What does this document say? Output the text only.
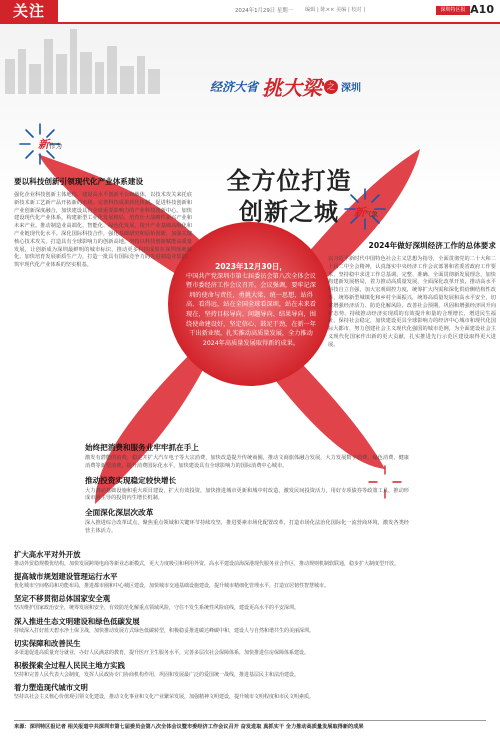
关注	2024年1月29日 星期一 编辑 | 陈×× 美编 | 校对 |	深圳特区报 A10
经济大省 挑大梁 之 深圳
全方位打造
创新之城
新作为
新气象
2023年12月30日，
中国共产党深圳市第七届委员会第八次全体会议暨市委经济工作会议召开。会议强调，要牢记深圳的使命与责任，勇挑大梁，统一思想，站得高、看得远，站在全国全球看深圳，站在未来看现在，坚持目标导向、问题导向、结果导向，围绕使命建设好，坚定信心、鼓足干劲，在新一年干出新业绩，扎实推动高质量发展，全力推动2024年高质量发展取得新的成果。
要以科技创新引领现代化产业体系建设
强化企业科技创新主体地位，建设高水平创新平台和载体，以技术攻关来托底新技术新工艺新产品开拓新的市场。完善科技成果转化机制，促进科技创新和产业创新深度融合，加快建设具有全球重要影响力的产业科技创新中心。加快建设现代化产业体系，构建新型工业化发展格局，培育壮大战略性新兴产业和未来产业。推动制造业高端化、智能化、绿色化发展，提升产业基础高级化和产业链现代化水平。深化国际科技合作，强化基础研究和原始创新，加强关键核心技术攻关，打造具有全球影响力的创新高地。坚持以科技创新赋能高质量发展，让创新成为深圳最鲜明的城市标识，推动更多科技成果在深圳落地转化。加快培育发展新质生产力，打造一批具有国际竞争力的先进制造业集群，筑牢现代化产业体系的坚实根基。
2024年做好深圳经济工作的总体要求
以习近平新时代中国特色社会主义思想为指导，全面贯彻党的二十大和二十届二中全会精神，认真落实中央经济工作会议部署和省委省政府工作要求，坚持稳中求进工作总基调，完整、准确、全面贯彻新发展理念，加快构建新发展格局，着力推动高质量发展，全面深化改革开放，推动高水平科技自立自强，加大宏观调控力度，统筹扩大内需和深化供给侧结构性改革，统筹新型城镇化和乡村全面振兴，统筹高质量发展和高水平安全，切实增强经济活力、防范化解风险、改善社会预期，巩固和增强经济回升向好态势，持续推动经济实现质的有效提升和量的合理增长，增进民生福祉，保持社会稳定，加快建设更具全球影响力的经济中心城市和现代化国际大都市，努力创建社会主义现代化强国的城市范例，为全面建设社会主义现代化国家作出新的更大贡献，扎实推进先行示范区建设取得更大进展。
始终把消费和服务业牢牢抓在手上
激发有潜能的消费，稳定并扩大汽车电子等大宗消费，加快改造提升传统商圈，推动文商旅体融合发展，大力发展数字消费、绿色消费、健康消费等新型消费，提升消费国际化水平，加快建设具有全球影响力的国际消费中心城市。
推动投资实现稳定较快增长
大力推动基础设施和重大项目建设，扩大有效投资，加快推进城市更新和城中村改造，激发民间投资活力，用好专项债券等政策工具，推动形成市场主导的投资内生增长机制。
全面深化深层次改革
深入推进综合改革试点，聚焦重点领域和关键环节持续攻坚，推进要素市场化配置改革，打造市场化法治化国际化一流营商环境，激发各类经营主体活力。
扩大高水平对外开放
推动外贸稳规模优结构，加快发展跨境电商等新业态新模式，更大力度吸引和利用外资，高水平建设前海深港现代服务业合作区，推动规则机制软联通，稳步扩大制度型开放。
提高城市规划建设管理运行水平
优化城市空间格局和功能布局，推进都市圈和中心城区建设，加快城市交通基础设施建设，提升城市精细化管理水平，打造宜居韧性智慧城市。
坚定不移贯彻总体国家安全观
坚决维护国家政治安全，统筹发展和安全，有效防范化解重点领域风险，守住不发生系统性风险底线，建设更高水平的平安深圳。
深入推进生态文明建设和绿色低碳发展
持续深入打好蓝天碧水净土保卫战，加快推动发展方式绿色低碳转型，积极稳妥推进碳达峰碳中和，建设人与自然和谐共生的美丽深圳。
切实保障和改善民生
多渠道促进高质量充分就业，办好人民满意的教育，提升医疗卫生服务水平，完善多层次社会保障体系，加快推进住房保障体系建设。
积极探索全过程人民民主地方实践
坚持和完善人民代表大会制度，发挥人民政协专门协商机构作用，巩固和发展最广泛的爱国统一战线，推进基层民主和法治建设。
着力塑造现代城市文明
坚持以社会主义核心价值观引领文化建设，推动文化事业和文化产业繁荣发展，加强精神文明建设，提升城市文明程度和市民文明素质。
来源：深圳特区报记者 相关报道中共深圳市第七届委员会第八次全体会议暨市委经济工作会议召开 奋发进取 真抓实干 全力推动高质量发展取得新的成果
